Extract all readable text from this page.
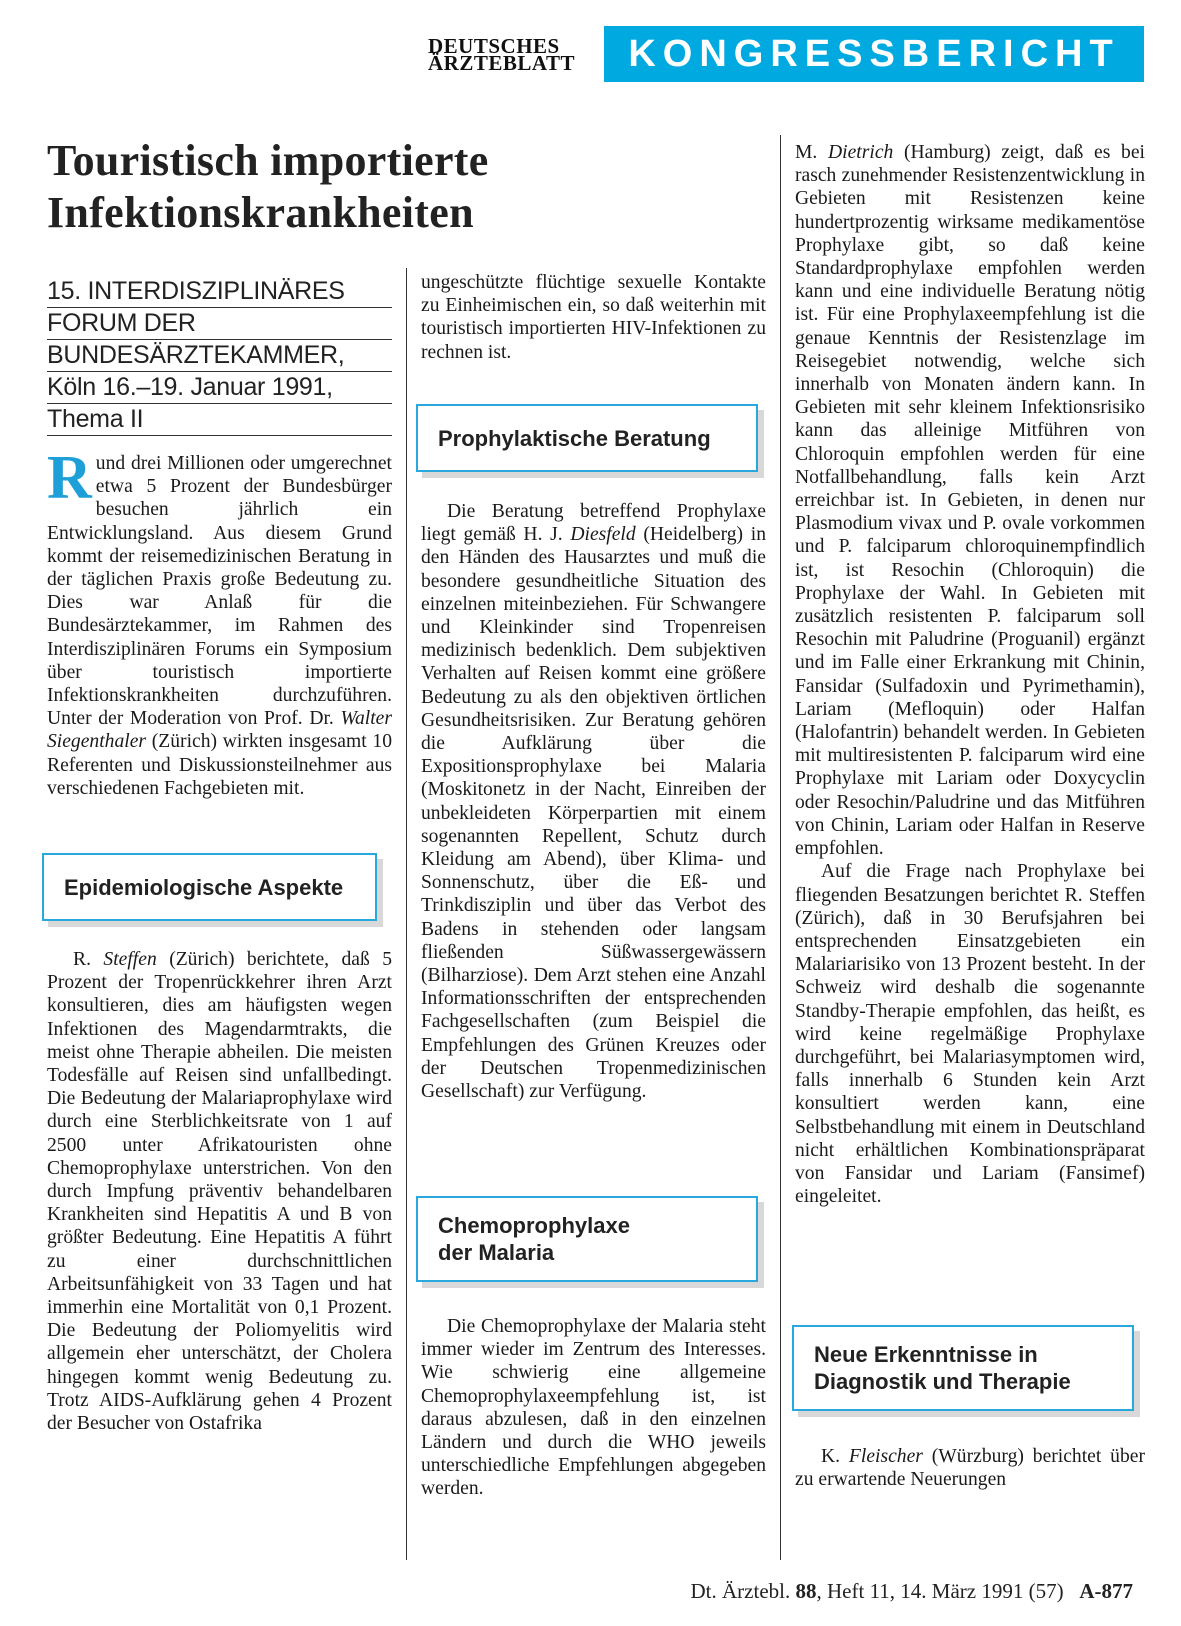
DEUTSCHES
ÄRZTEBLATT	KONGRESSBERICHT
Touristisch importierte
Infektionskrankheiten
15. INTERDISZIPLINÄRES
FORUM DER
BUNDESÄRZTEKAMMER,
Köln 16.–19. Januar 1991,
Thema II

Rund drei Millionen oder umgerechnet etwa 5 Prozent der Bundesbürger besuchen jährlich ein Entwicklungsland. Aus diesem Grund kommt der reisemedizinischen Beratung in der täglichen Praxis große Bedeutung zu. Dies war Anlaß für die Bundesärztekammer, im Rahmen des Interdisziplinären Forums ein Symposium über touristisch importierte Infektionskrankheiten durchzuführen. Unter der Moderation von Prof. Dr. Walter Siegenthaler (Zürich) wirkten insgesamt 10 Referenten und Diskussionsteilnehmer aus verschiedenen Fachgebieten mit.

Epidemiologische Aspekte

R. Steffen (Zürich) berichtete, daß 5 Prozent der Tropenrückkehrer ihren Arzt konsultieren, dies am häufigsten wegen Infektionen des Magendarmtrakts, die meist ohne Therapie abheilen. Die meisten Todesfälle auf Reisen sind unfallbedingt. Die Bedeutung der Malariaprophylaxe wird durch eine Sterblichkeitsrate von 1 auf 2500 unter Afrikatouristen ohne Chemoprophylaxe unterstrichen. Von den durch Impfung präventiv behandelbaren Krankheiten sind Hepatitis A und B von größter Bedeutung. Eine Hepatitis A führt zu einer durchschnittlichen Arbeitsunfähigkeit von 33 Tagen und hat immerhin eine Mortalität von 0,1 Prozent. Die Bedeutung der Poliomyelitis wird allgemein eher unterschätzt, der Cholera hingegen kommt wenig Bedeutung zu. Trotz AIDS-Aufklärung gehen 4 Prozent der Besucher von Ostafrika

ungeschützte flüchtige sexuelle Kontakte zu Einheimischen ein, so daß weiterhin mit touristisch importierten HIV-Infektionen zu rechnen ist.

Prophylaktische Beratung

Die Beratung betreffend Prophylaxe liegt gemäß H. J. Diesfeld (Heidelberg) in den Händen des Hausarztes und muß die besondere gesundheitliche Situation des einzelnen miteinbeziehen. Für Schwangere und Kleinkinder sind Tropenreisen medizinisch bedenklich. Dem subjektiven Verhalten auf Reisen kommt eine größere Bedeutung zu als den objektiven örtlichen Gesundheitsrisiken. Zur Beratung gehören die Aufklärung über die Expositionsprophylaxe bei Malaria (Moskitonetz in der Nacht, Einreiben der unbekleideten Körperpartien mit einem sogenannten Repellent, Schutz durch Kleidung am Abend), über Klima- und Sonnenschutz, über die Eß- und Trinkdisziplin und über das Verbot des Badens in stehenden oder langsam fließenden Süßwassergewässern (Bilharziose). Dem Arzt stehen eine Anzahl Informationsschriften der entsprechenden Fachgesellschaften (zum Beispiel die Empfehlungen des Grünen Kreuzes oder der Deutschen Tropenmedizinischen Gesellschaft) zur Verfügung.

Chemoprophylaxe
der Malaria

Die Chemoprophylaxe der Malaria steht immer wieder im Zentrum des Interesses. Wie schwierig eine allgemeine Chemoprophylaxeempfehlung ist, ist daraus abzulesen, daß in den einzelnen Ländern und durch die WHO jeweils unterschiedliche Empfehlungen abgegeben werden.

M. Dietrich (Hamburg) zeigt, daß es bei rasch zunehmender Resistenzentwicklung in Gebieten mit Resistenzen keine hundertprozentig wirksame medikamentöse Prophylaxe gibt, so daß keine Standardprophylaxe empfohlen werden kann und eine individuelle Beratung nötig ist. Für eine Prophylaxeempfehlung ist die genaue Kenntnis der Resistenzlage im Reisegebiet notwendig, welche sich innerhalb von Monaten ändern kann. In Gebieten mit sehr kleinem Infektionsrisiko kann das alleinige Mitführen von Chloroquin empfohlen werden für eine Notfallbehandlung, falls kein Arzt erreichbar ist. In Gebieten, in denen nur Plasmodium vivax und P. ovale vorkommen und P. falciparum chloroquinempfindlich ist, ist Resochin (Chloroquin) die Prophylaxe der Wahl. In Gebieten mit zusätzlich resistenten P. falciparum soll Resochin mit Paludrine (Proguanil) ergänzt und im Falle einer Erkrankung mit Chinin, Fansidar (Sulfadoxin und Pyrimethamin), Lariam (Mefloquin) oder Halfan (Halofantrin) behandelt werden. In Gebieten mit multiresistenten P. falciparum wird eine Prophylaxe mit Lariam oder Doxycyclin oder Resochin/Paludrine und das Mitführen von Chinin, Lariam oder Halfan in Reserve empfohlen.

Auf die Frage nach Prophylaxe bei fliegenden Besatzungen berichtet R. Steffen (Zürich), daß in 30 Berufsjahren bei entsprechenden Einsatzgebieten ein Malariarisiko von 13 Prozent besteht. In der Schweiz wird deshalb die sogenannte Standby-Therapie empfohlen, das heißt, es wird keine regelmäßige Prophylaxe durchgeführt, bei Malariasymptomen wird, falls innerhalb 6 Stunden kein Arzt konsultiert werden kann, eine Selbstbehandlung mit einem in Deutschland nicht erhältlichen Kombinationspräparat von Fansidar und Lariam (Fansimef) eingeleitet.

Neue Erkenntnisse in
Diagnostik und Therapie

K. Fleischer (Würzburg) berichtet über zu erwartende Neuerungen

Dt. Ärztebl. 88, Heft 11, 14. März 1991 (57) A-877
